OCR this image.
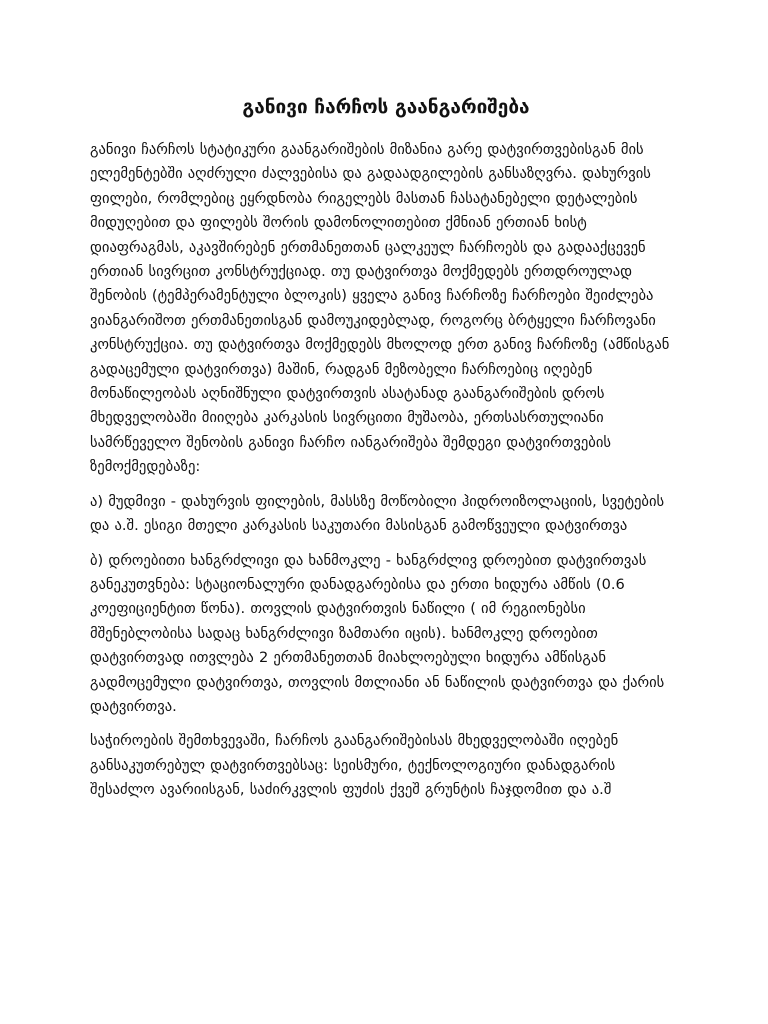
განივი ჩარჩოს გაანგარიშება

განივი ჩარჩოს სტატიკური გაანგარიშების მიზანია გარე დატვირთვებისგან მის ელემენტებში აღძრული ძალვებისა და გადაადგილების განსაზღვრა. დახურვის ფილები, რომლებიც ეყრდნობა რიგელებს მასთან ჩასატანებელი დეტალების მიდუღებით და ფილებს შორის დამონოლითებით ქმნიან ერთიან ხისტ დიაფრაგმას, აკავშირებენ ერთმანეთთან ცალკეულ ჩარჩოებს და გადააქცევენ ერთიან სივრცით კონსტრუქციად. თუ დატვირთვა მოქმედებს ერთდროულად შენობის (ტემპერამენტული ბლოკის) ყველა განივ ჩარჩოზე ჩარჩოები შეიძლება ვიანგარიშოთ ერთმანეთისგან დამოუკიდებლად, როგორც ბრტყელი ჩარჩოვანი კონსტრუქცია. თუ დატვირთვა მოქმედებს მხოლოდ ერთ განივ ჩარჩოზე (ამწისგან გადაცემული დატვირთვა) მაშინ, რადგან მეზობელი ჩარჩოებიც იღებენ მონაწილეობას აღნიშნული დატვირთვის ასატანად გაანგარიშების დროს მხედველობაში მიიღება კარკასის სივრცითი მუშაობა, ერთსასრთულიანი სამრწეველო შენობის განივი ჩარჩო იანგარიშება შემდეგი დატვირთვების ზემოქმედებაზე:

ა) მუდმივი - დახურვის ფილების, მასსზე მოწობილი ჰიდროიზოლაციის, სვეტების და ა.შ. ესიგი მთელი კარკასის საკუთარი მასისგან გამოწვეული დატვირთვა

ბ) დროებითი ხანგრძლივი და ხანმოკლე - ხანგრძლივ დროებით დატვირთვას განეკუთვნება: სტაციონალური დანადგარებისა და ერთი ხიდურა ამწის (0.6 კოეფიციენტით წონა). თოვლის დატვირთვის ნაწილი ( იმ რეგიონებსი მშენებლობისა სადაც ხანგრძლივი ზამთარი იცის). ხანმოკლე დროებით დატვირთვად ითვლება 2 ერთმანეთთან მიახლოებული ხიდურა ამწისგან გადმოცემული დატვირთვა, თოვლის მთლიანი ან ნაწილის დატვირთვა და ქარის დატვირთვა.

საჭიროების შემთხვევაში, ჩარჩოს გაანგარიშებისას მხედველობაში იღებენ განსაკუთრებულ დატვირთვებსაც: სეისმური, ტექნოლოგიური დანადგარის შესაძლო ავარიისგან, საძირკვლის ფუძის ქვეშ გრუნტის ჩაჯდომით და ა.შ
